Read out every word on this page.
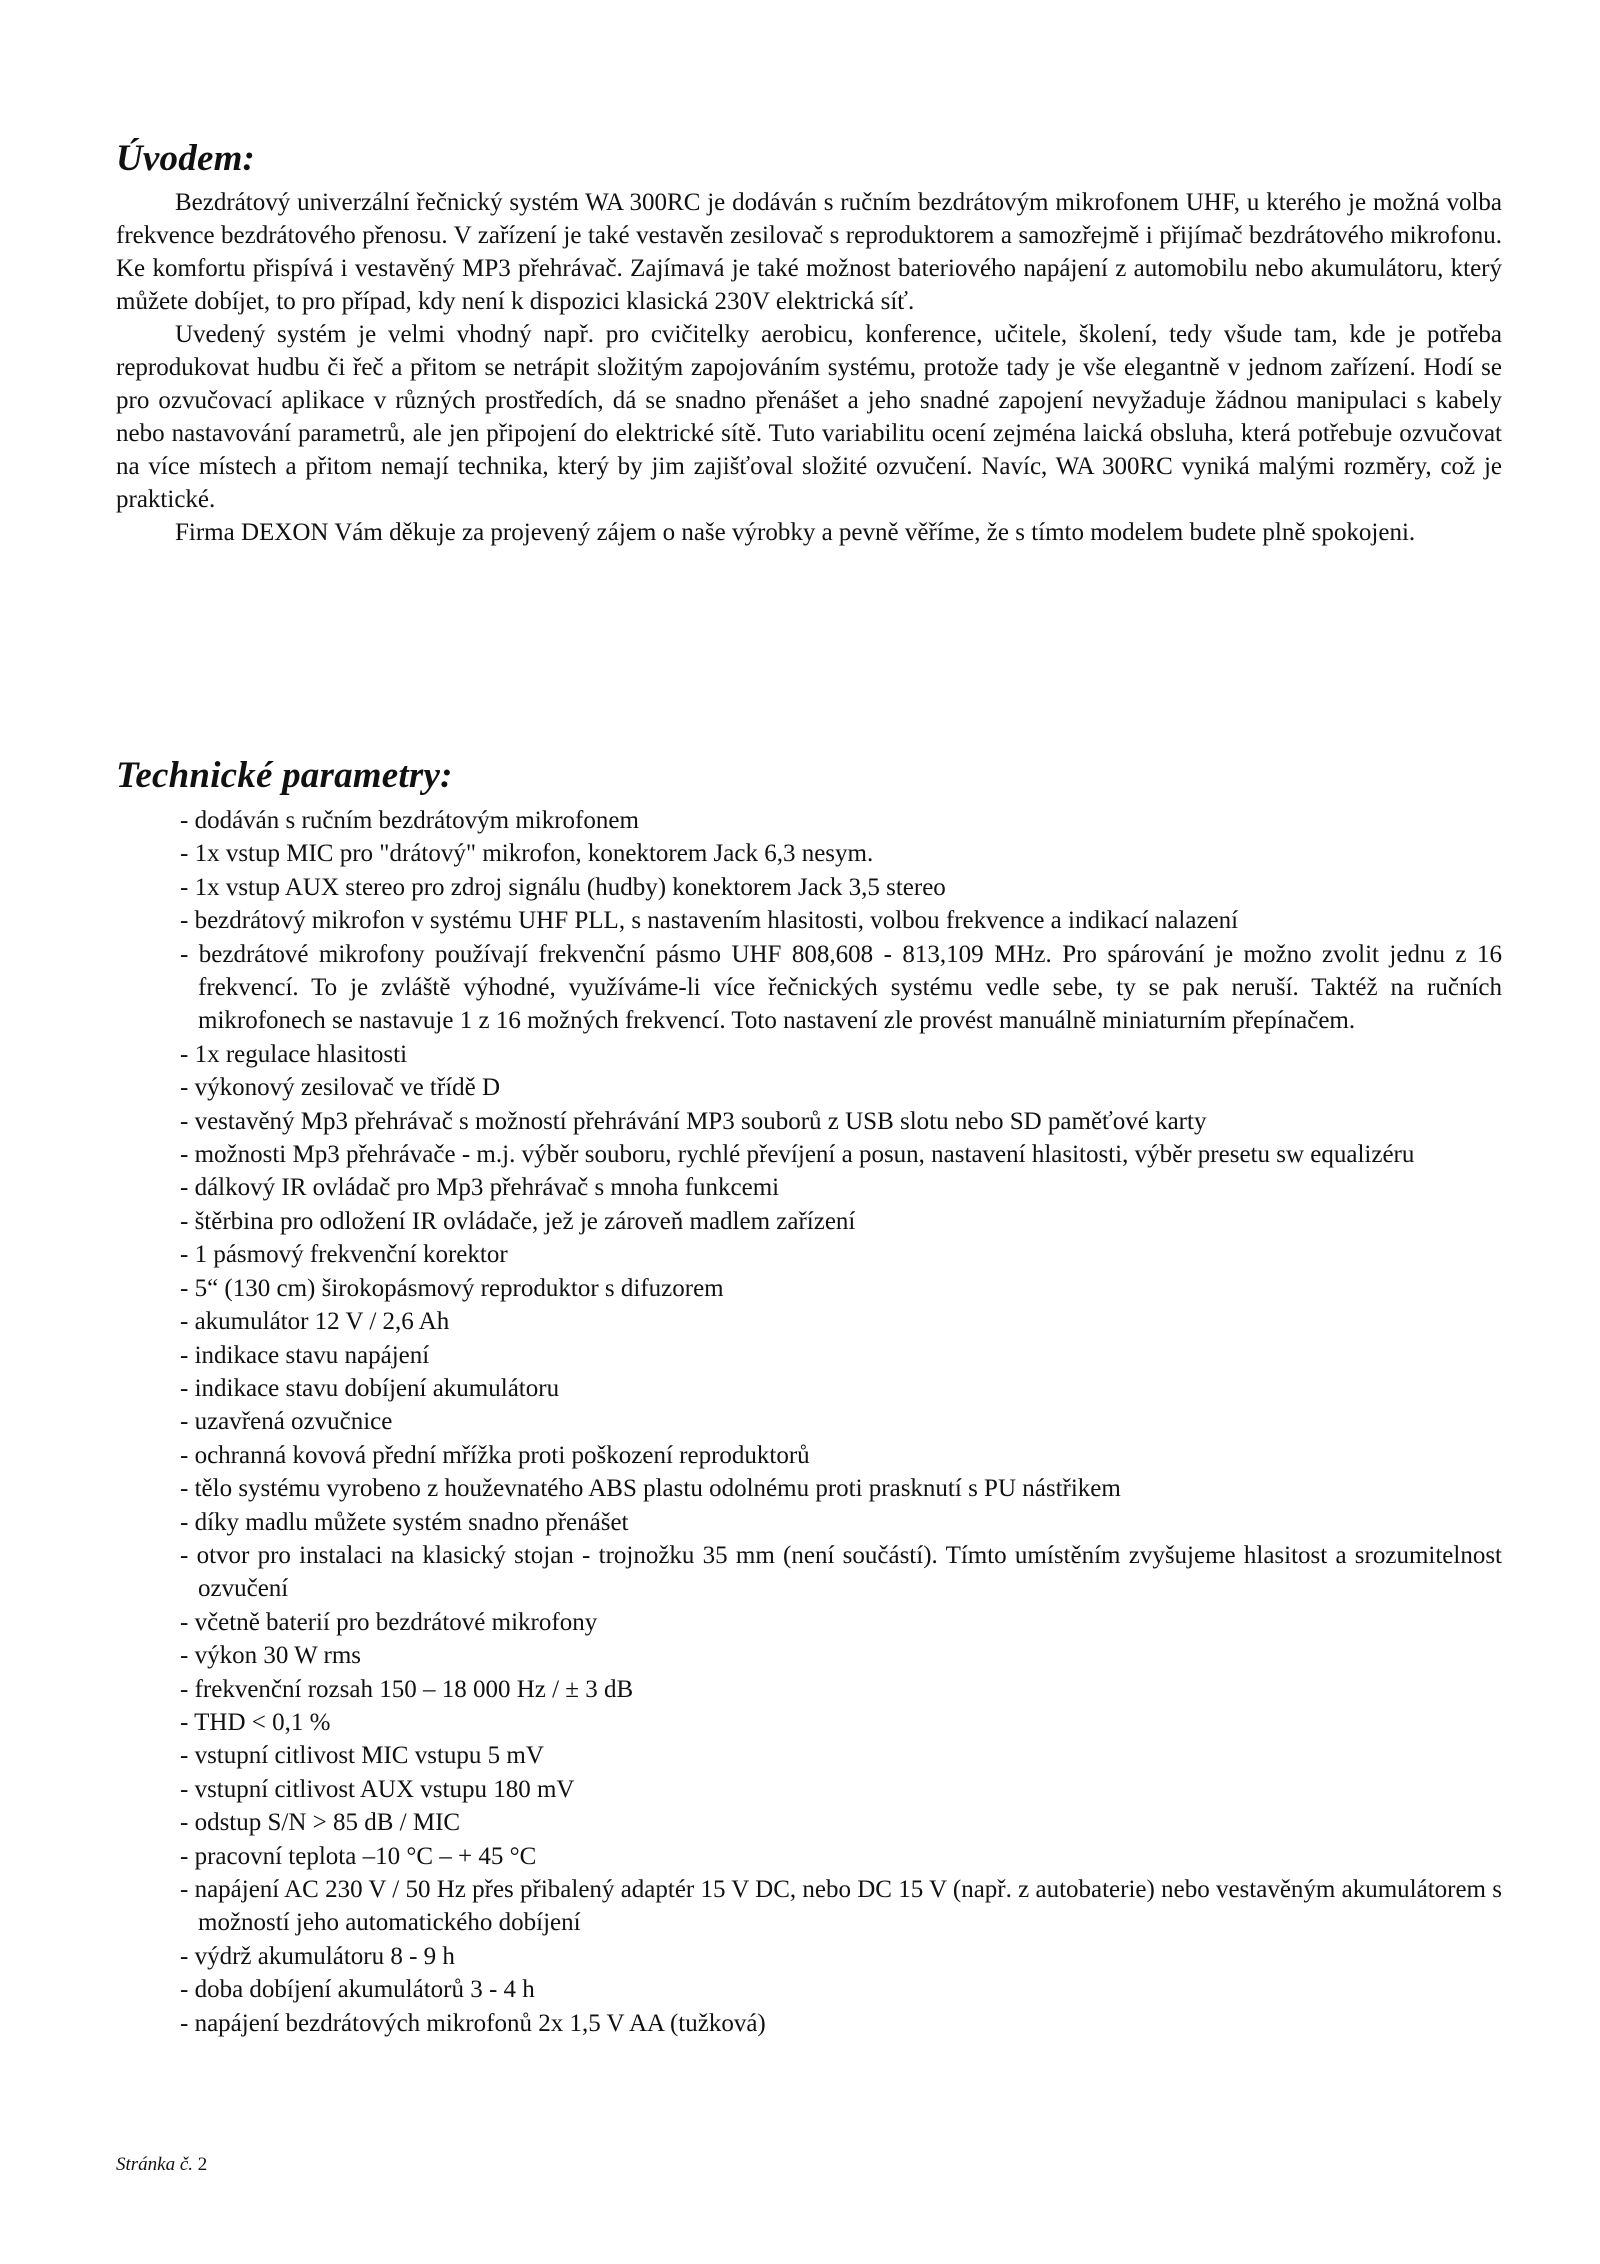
Úvodem:

Bezdrátový univerzální řečnický systém WA 300RC je dodáván s ručním bezdrátovým mikrofonem UHF, u kterého je možná volba frekvence bezdrátového přenosu. V zařízení je také vestavěn zesilovač s reproduktorem a samozřejmě i přijímač bezdrátového mikrofonu. Ke komfortu přispívá i vestavěný MP3 přehrávač. Zajímavá je také možnost bateriového napájení z automobilu nebo akumulátoru, který můžete dobíjet, to pro případ, kdy není k dispozici klasická 230V elektrická síť.

Uvedený systém je velmi vhodný např. pro cvičitelky aerobicu, konference, učitele, školení, tedy všude tam, kde je potřeba reprodukovat hudbu či řeč a přitom se netrápit složitým zapojováním systému, protože tady je vše elegantně v jednom zařízení. Hodí se pro ozvučovací aplikace v různých prostředích, dá se snadno přenášet a jeho snadné zapojení nevyžaduje žádnou manipulaci s kabely nebo nastavování parametrů, ale jen připojení do elektrické sítě. Tuto variabilitu ocení zejména laická obsluha, která potřebuje ozvučovat na více místech a přitom nemají technika, který by jim zajišťoval složité ozvučení. Navíc, WA 300RC vyniká malými rozměry, což je praktické.

Firma DEXON Vám děkuje za projevený zájem o naše výrobky a pevně věříme, že s tímto modelem budete plně spokojeni.

Technické parametry:
- dodáván s ručním bezdrátovým mikrofonem
- 1x vstup MIC pro "drátový" mikrofon, konektorem Jack 6,3 nesym.
- 1x vstup AUX stereo pro zdroj signálu (hudby) konektorem Jack 3,5 stereo
- bezdrátový mikrofon v systému UHF PLL, s nastavením hlasitosti, volbou frekvence a indikací nalazení
- bezdrátové mikrofony používají frekvenční pásmo UHF 808,608 - 813,109 MHz. Pro spárování je možno zvolit jednu z 16 frekvencí. To je zvláště výhodné, využíváme-li více řečnických systému vedle sebe, ty se pak neruší. Taktéž na ručních mikrofonech se nastavuje 1 z 16 možných frekvencí. Toto nastavení zle provést manuálně miniaturním přepínačem.
- 1x regulace hlasitosti
- výkonový zesilovač ve třídě D
- vestavěný Mp3 přehrávač s možností přehrávání MP3 souborů z USB slotu nebo SD paměťové karty
- možnosti Mp3 přehrávače - m.j. výběr souboru, rychlé převíjení a posun, nastavení hlasitosti, výběr presetu sw equalizéru
- dálkový IR ovládač pro Mp3 přehrávač s mnoha funkcemi
- štěrbina pro odložení IR ovládače, jež je zároveň madlem zařízení
- 1 pásmový frekvenční korektor
- 5“ (130 cm) širokopásmový reproduktor s difuzorem
- akumulátor 12 V / 2,6 Ah
- indikace stavu napájení
- indikace stavu dobíjení akumulátoru
- uzavřená ozvučnice
- ochranná kovová přední mřížka proti poškození reproduktorů
- tělo systému vyrobeno z houževnatého ABS plastu odolnému proti prasknutí s PU nástřikem
- díky madlu můžete systém snadno přenášet
- otvor pro instalaci na klasický stojan - trojnožku 35 mm (není součástí). Tímto umístěním zvyšujeme hlasitost a srozumitelnost ozvučení
- včetně baterií pro bezdrátové mikrofony
- výkon 30 W rms
- frekvenční rozsah 150 – 18 000 Hz / ± 3 dB
- THD < 0,1 %
- vstupní citlivost MIC vstupu 5 mV
- vstupní citlivost AUX vstupu 180 mV
- odstup S/N > 85 dB / MIC
- pracovní teplota –10 °C – + 45 °C
- napájení AC 230 V / 50 Hz přes přibalený adaptér 15 V DC, nebo DC 15 V (např. z autobaterie) nebo vestavěným akumulátorem s možností jeho automatického dobíjení
- výdrž akumulátoru 8 - 9 h
- doba dobíjení akumulátorů 3 - 4 h
- napájení bezdrátových mikrofonů 2x 1,5 V AA (tužková)
Stránka č. 2
